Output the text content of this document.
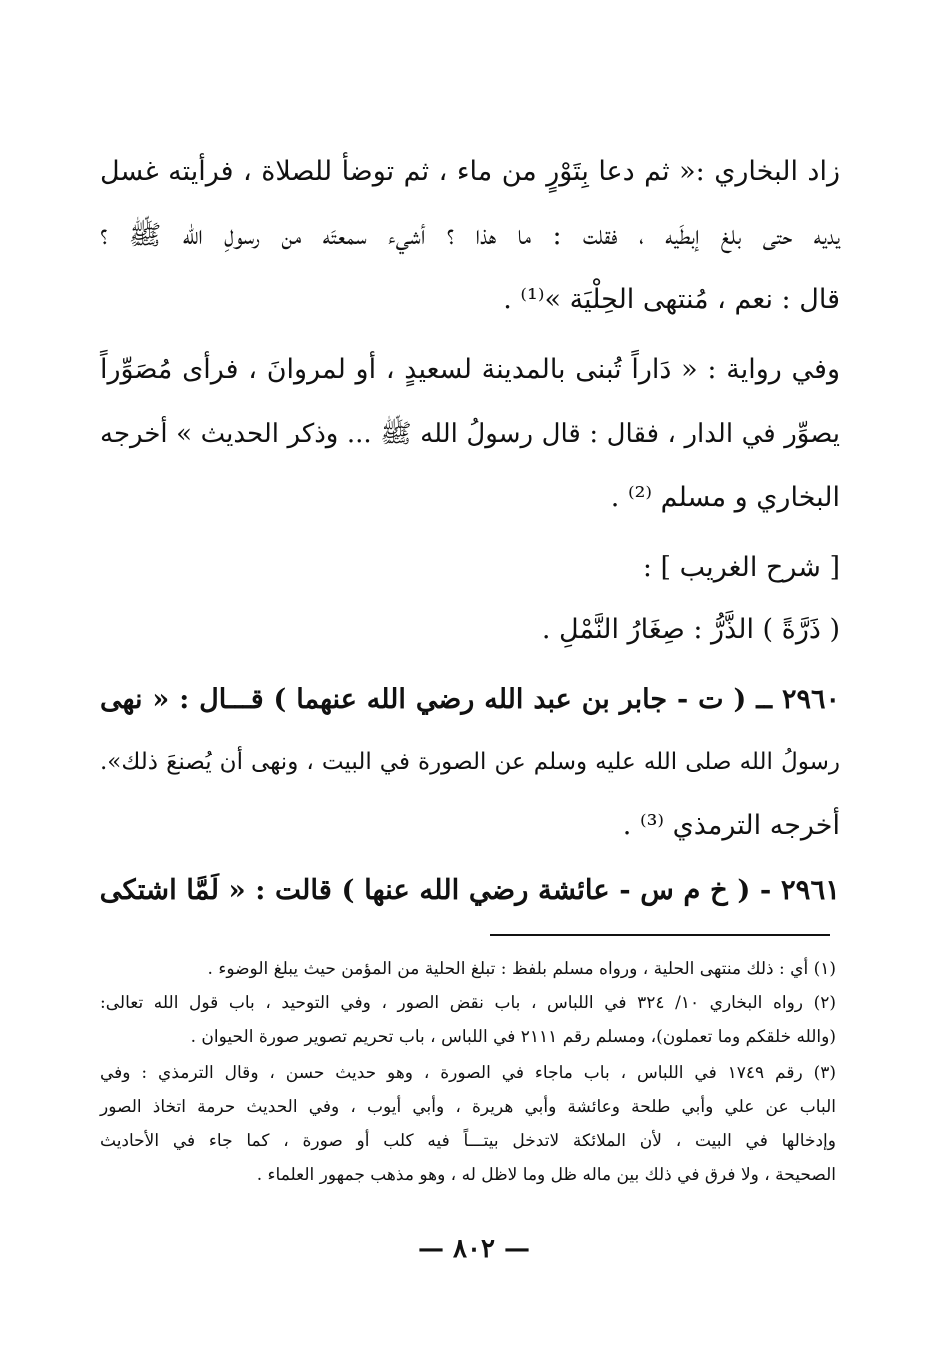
زاد البخاري :« ثم دعا بِتَوْرٍ من ماء ، ثم توضأ للصلاة ، فرأيته غسل
يديه حتى بلغ إبطَيه ، فقلت : ما هذا ؟ أشيء سمعتَه من رسولِ الله ﷺ ؟
قال : نعم ، مُنتهى الحِلْيَة »⁽¹⁾ .
وفي رواية : « دَاراً تُبنى بالمدينة لسعيدٍ ، أو لمروانَ ، فرأى مُصَوِّراً
يصوِّر في الدار ، فقال : قال رسولُ الله ﷺ ... وذكر الحديث » أخرجه
البخاري و مسلم ⁽²⁾ .
[ شرح الغريب ] :
( ذَرَّةً ) الذَّرُّ : صِغَارُ النَّمْلِ .
٢٩٦٠ ــ ( ت - جابر بن عبد الله رضي الله عنهما ) قـــال : « نهى
رسولُ الله صلى الله عليه وسلم عن الصورة في البيت ، ونهى أن يُصنعَ ذلك».
أخرجه الترمذي ⁽³⁾ .
٢٩٦١ - ( خ م س - عائشة رضي الله عنها ) قالت : « لَمَّا اشتكى
(١) أي : ذلك منتهى الحلية ، ورواه مسلم بلفظ : تبلغ الحلية من المؤمن حيث يبلغ الوضوء .
(٢) رواه البخاري ١٠/ ٣٢٤ في اللباس ، باب نقض الصور ، وفي التوحيد ، باب قول الله تعالى:
(والله خلقكم وما تعملون)، ومسلم رقم ٢١١١ في اللباس ، باب تحريم تصوير صورة الحيوان .
(٣) رقم ١٧٤٩ في اللباس ، باب ماجاء في الصورة ، وهو حديث حسن ، وقال الترمذي : وفي
الباب عن علي وأبي طلحة وعائشة وأبي هريرة ، وأبي أيوب ، وفي الحديث حرمة اتخاذ الصور
وإدخالها في البيت ، لأن الملائكة لاتدخل بيتـــاً فيه كلب أو صورة ، كما جاء في الأحاديث
الصحيحة ، ولا فرق في ذلك بين ماله ظل وما لاظل له ، وهو مذهب جمهور العلماء .
— ٨٠٢ —
